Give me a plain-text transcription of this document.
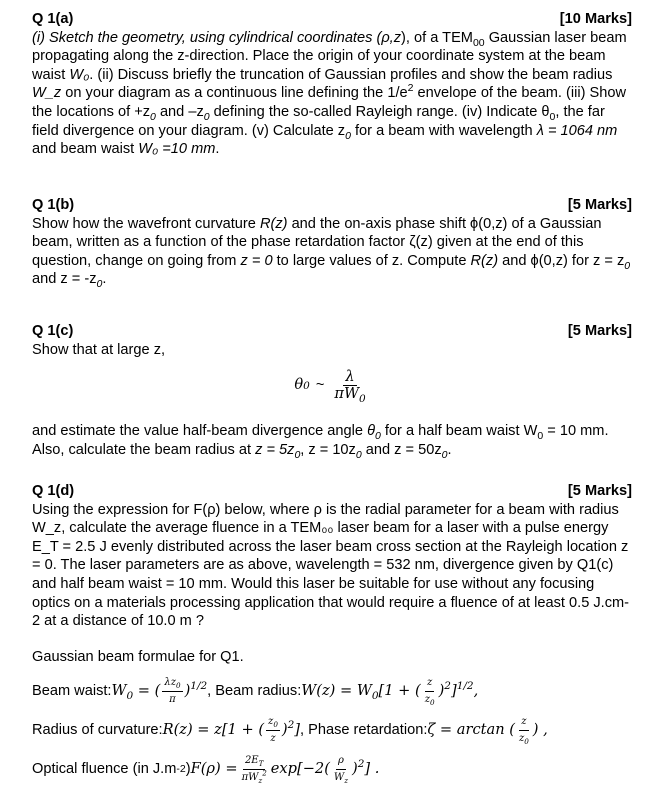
Q 1(a)	[10 Marks]

(i) Sketch the geometry, using cylindrical coordinates (ρ,z), of a $TEM_{00}$ Gaussian laser beam propagating along the z-direction. Place the origin of your coordinate system at the beam waist W₀. (ii) Discuss briefly the truncation of Gaussian profiles and show the beam radius W_z on your diagram as a continuous line defining the $1/e^2$ envelope of the beam. (iii) Show the locations of $+z_0$ and $-z_0$ defining the so-called Rayleigh range. (iv) Indicate $\theta_0$, the far field divergence on your diagram. (v) Calculate $z_0$ for a beam with wavelength λ = 1064 nm and beam waist W₀ =10 mm.

Q 1(b)	[5 Marks]

Show how the wavefront curvature R(z) and the on-axis phase shift ϕ(0,z) of a Gaussian beam, written as a function of the phase retardation factor ζ(z) given at the end of this question, change on going from z = 0 to large values of z. Compute R(z) and ϕ(0,z) for $z = z_0$ and $z = -z_0$.

Q 1(c)	[5 Marks]

Show that at large z,

θ 0 ~ $\frac{\lambda}{\pi W_0}$

and estimate the value half-beam divergence angle $\theta_0$ for a half beam waist $W_0 = 10$ mm. Also, calculate the beam radius at $z = 5z_0$, $z = 10z_0$ and $z = 50z_0$.

Q 1(d)	[5 Marks]

Using the expression for F(ρ) below, where ρ is the radial parameter for a beam with radius W_z, calculate the average fluence in a TEM₀₀ laser beam for a laser with a pulse energy E_T = 2.5 J evenly distributed across the laser beam cross section at the Rayleigh location z = 0. The laser parameters are as above, wavelength = 532 nm, divergence given by Q1(c) and half beam waist = 10 mm. Would this laser be suitable for use without any focusing optics on a materials processing application that would require a fluence of at least 0.5 J.cm-2 at a distance of 10.0 m ?

Gaussian beam formulae for Q1.

Beam waist: $W_0$ = ( $\frac{\lambda z_0}{\pi} )^{1/2}$ , Beam radius: $W(z) = W_0[1$ + ( $\frac{z}{z_0} )^2]^{1/2}$,
Radius of curvature: R(z) = z[1 + ( $\frac{z_0}{z} )^2$] , Phase retardation: ζ = arctan ( $\frac{z}{z_0}$ ) ,
Optical fluence (in J.m -2 ) $F(\rho) = \frac{2E_T}{\pi W_z^2} \exp[-2( \frac{\rho}{W_z} )^2]$ .
